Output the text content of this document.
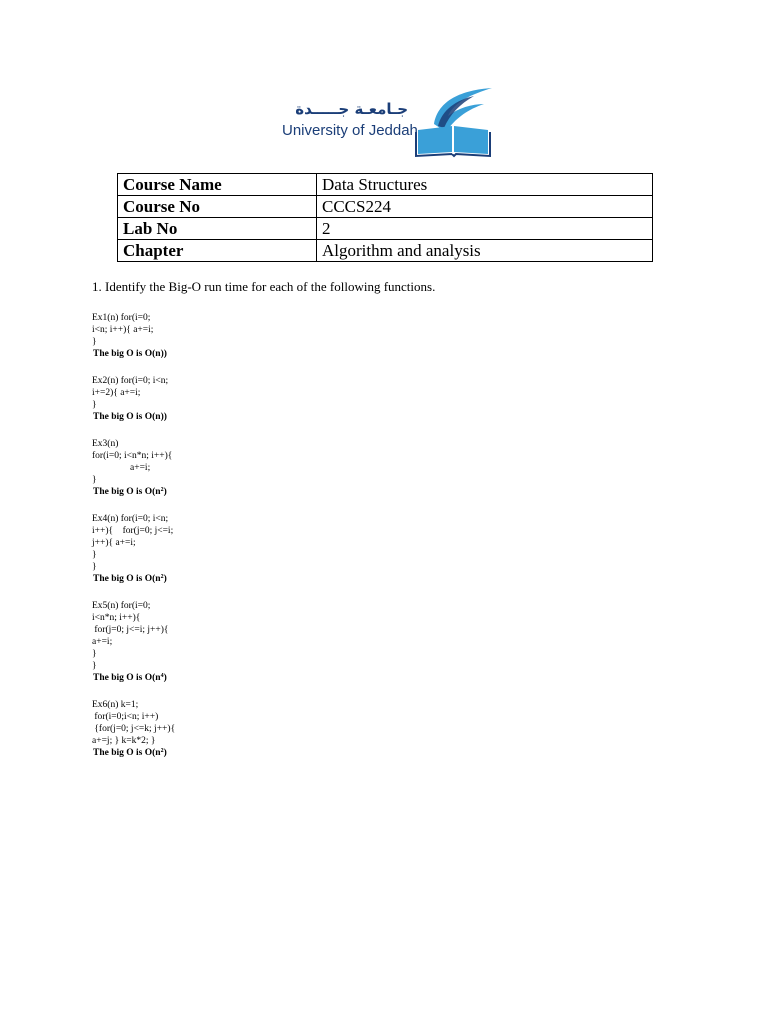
جـامعـة جـــــدة
University of Jeddah
Course Name	Data Structures
Course No	CCCS224
Lab No	2
Chapter	Algorithm and analysis
1. Identify the Big-O run time for each of the following functions.
Ex1(n) for(i=0;
i<n; i++){ a+=i;
}
The big O is O(n))
Ex2(n) for(i=0; i<n;
i+=2){ a+=i;
}
The big O is O(n))
Ex3(n)
for(i=0; i<n*n; i++){
a+=i;
}
The big O is $O(n^2)$
Ex4(n) for(i=0; i<n;
i++){    for(j=0; j<=i;
j++){ a+=i;
}
}
The big O is $O(n^2)$
Ex5(n) for(i=0;
i<n*n; i++){
for(j=0; j<=i; j++){
a+=i;
}
}
The big O is $O(n^4)$
Ex6(n) k=1;
for(i=0;i<n; i++)
{for(j=0; j<=k; j++){
a+=j; } k=k*2; }
The big O is $O(n^2)$
